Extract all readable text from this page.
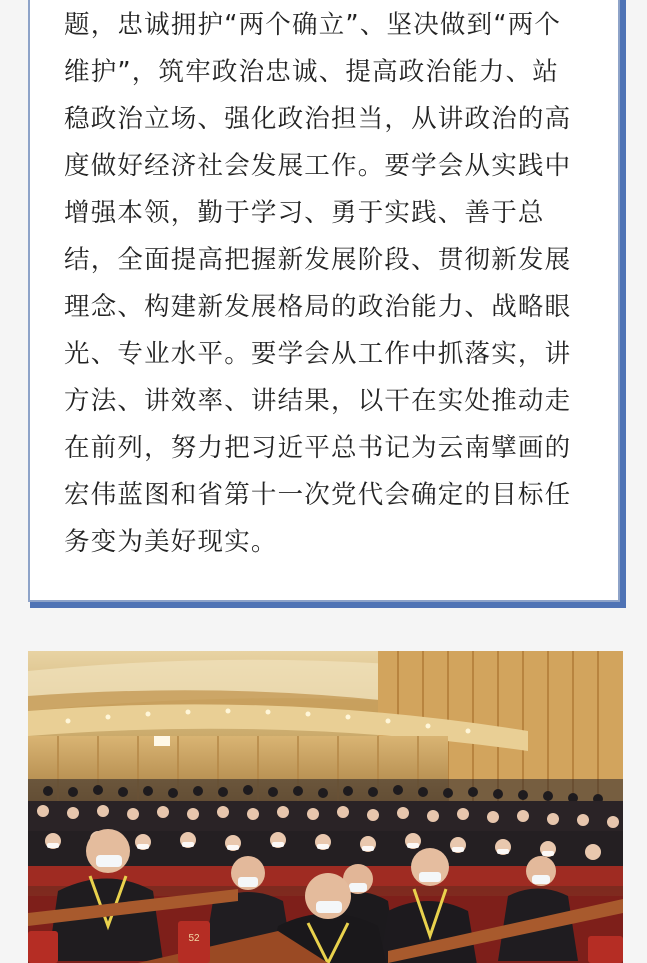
题，忠诚拥护“两个确立”、坚决做到“两个
维护”，筑牢政治忠诚、提高政治能力、站
稳政治立场、强化政治担当，从讲政治的高
度做好经济社会发展工作。要学会从实践中
增强本领，勤于学习、勇于实践、善于总
结，全面提高把握新发展阶段、贯彻新发展
理念、构建新发展格局的政治能力、战略眼
光、专业水平。要学会从工作中抓落实，讲
方法、讲效率、讲结果，以干在实处推动走
在前列，努力把习近平总书记为云南擘画的
宏伟蓝图和省第十一次党代会确定的目标任
务变为美好现实。

52
